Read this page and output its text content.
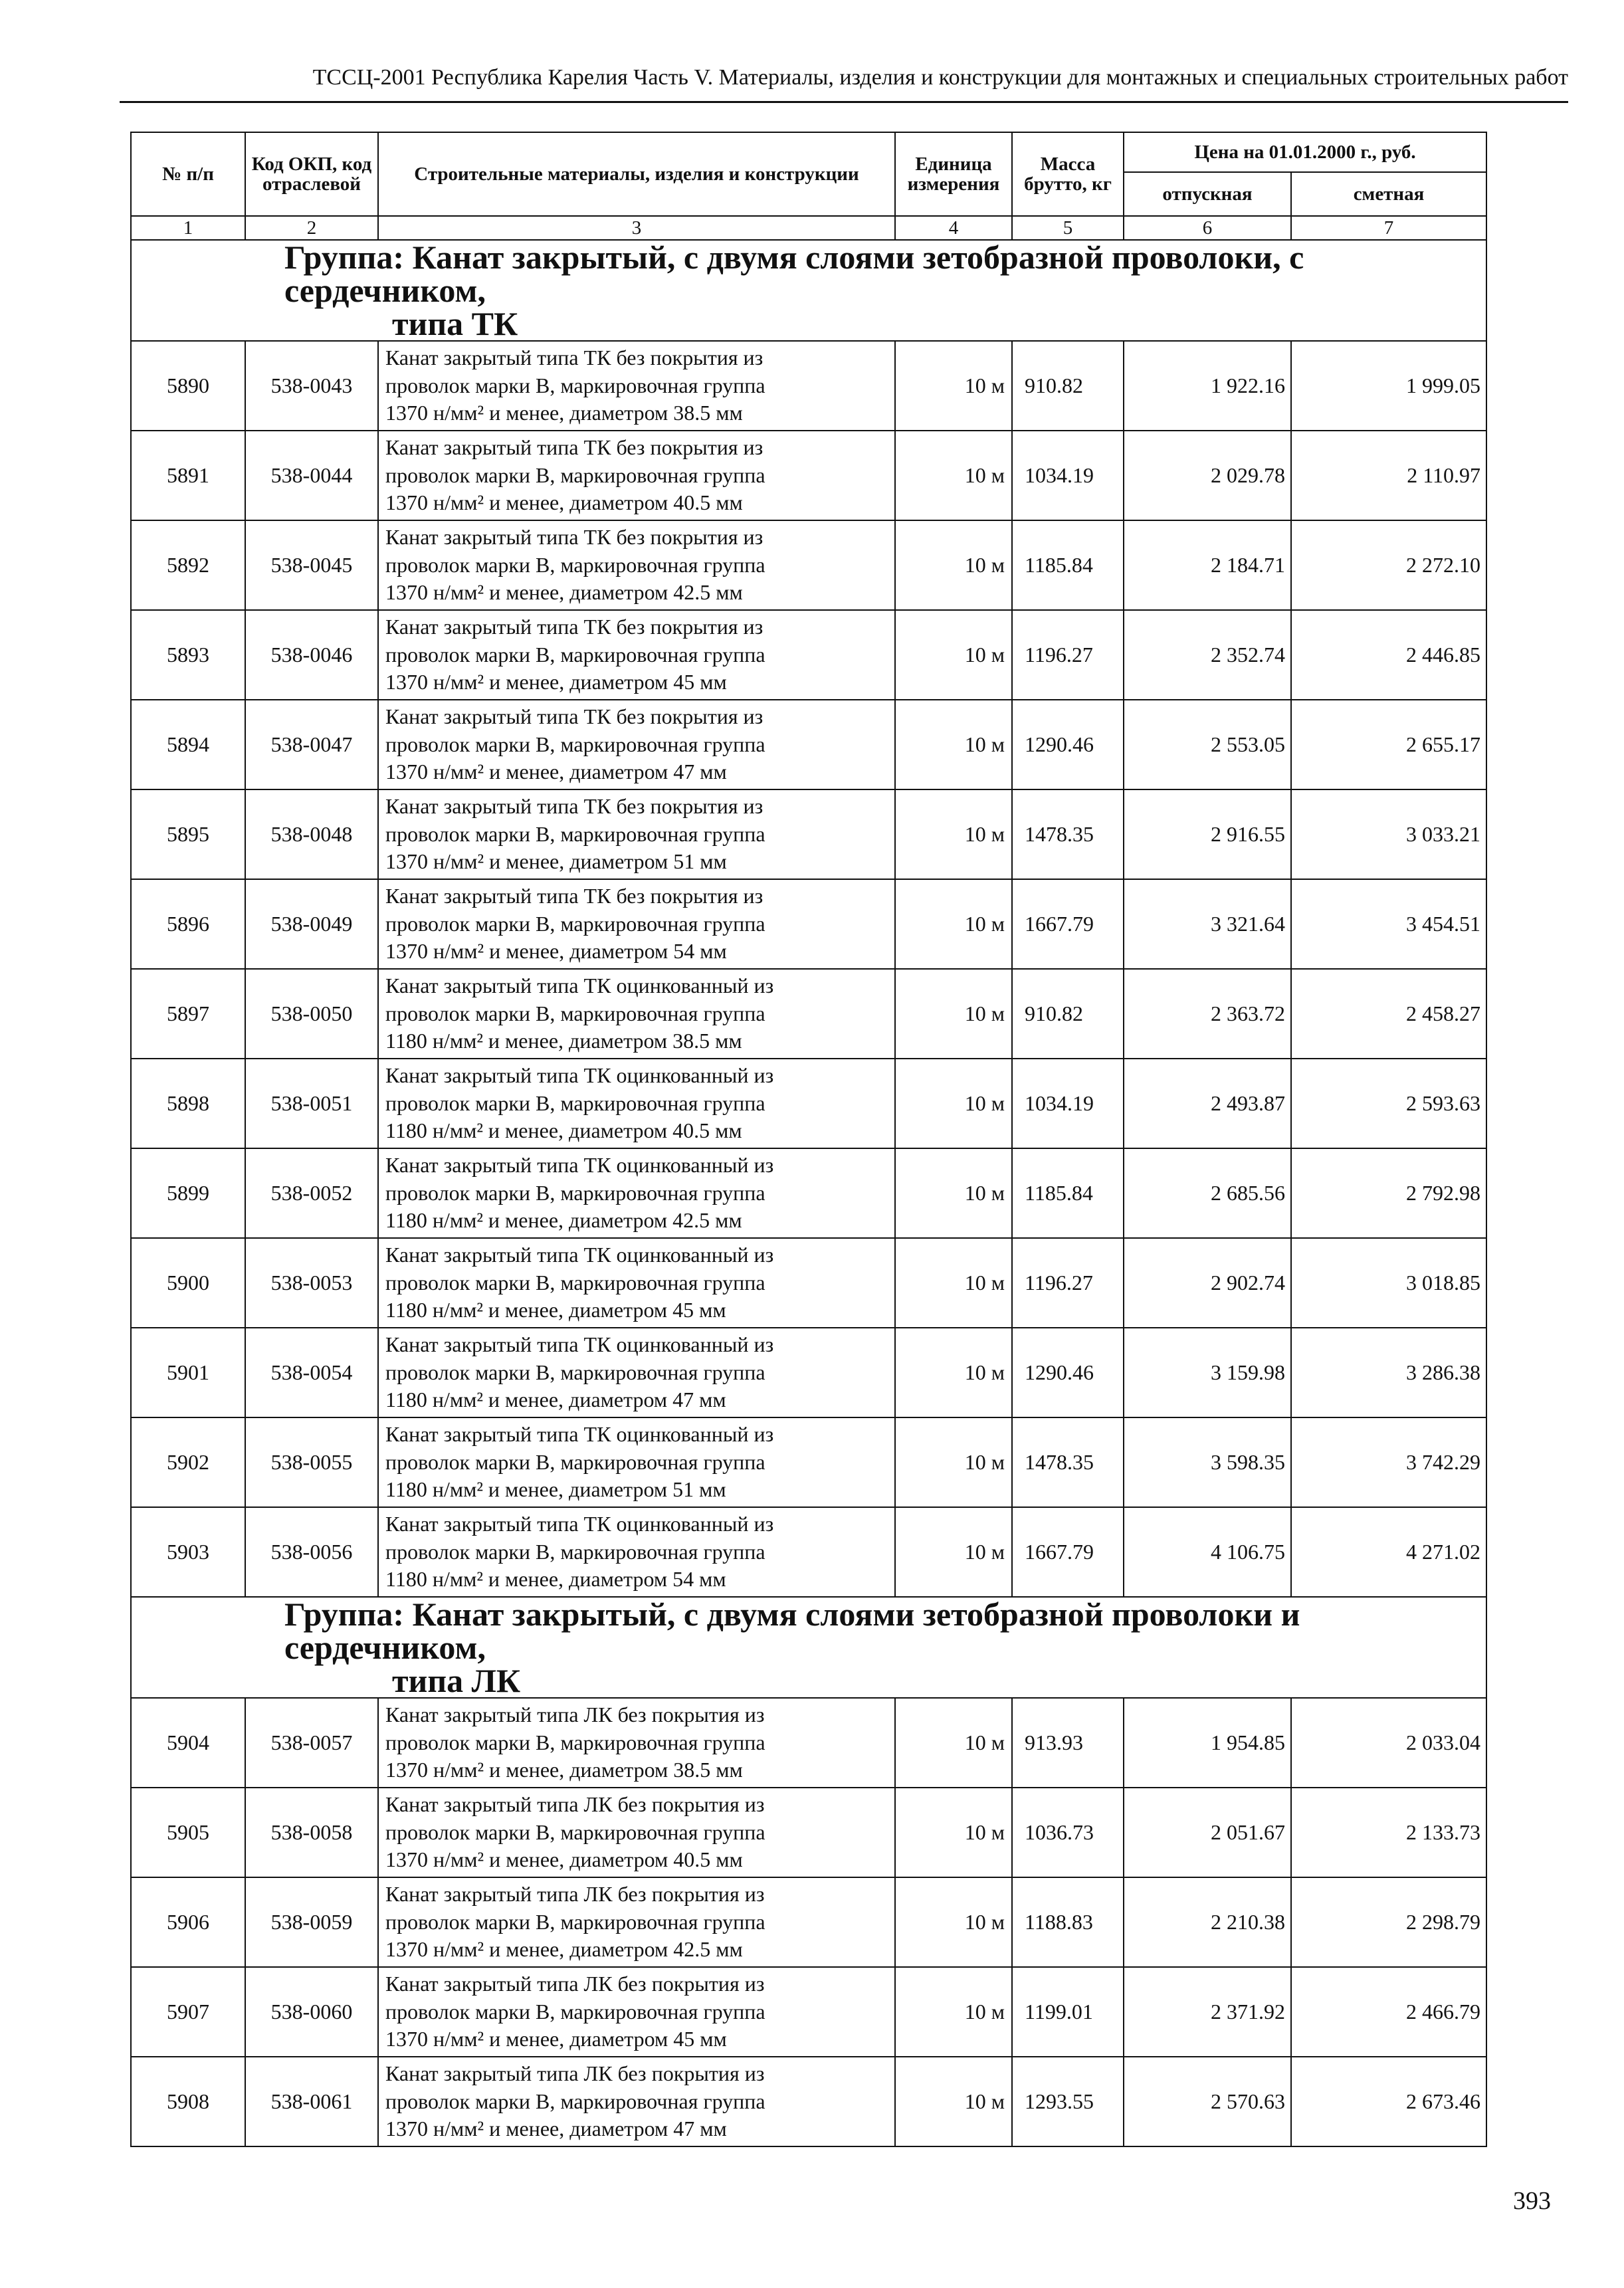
ТССЦ-2001 Республика Карелия Часть V. Материалы, изделия и конструкции для монтажных и специальных строительных работ
№ п/п	Код ОКП, код отраслевой	Строительные материалы, изделия и конструкции	Единица измерения	Масса брутто, кг	Цена на 01.01.2000 г., руб.	
					отпускная	сметная
1	2	3	4	5	6	7

Группа: Канат закрытый, с двумя слоями зетобразной проволоки, с сердечником,
типа ТК						

5890	538-0043	Канат закрытый типа ТК без покрытия из
проволок марки В, маркировочная группа
1370 н/мм² и менее, диаметром 38.5 мм	10 м	910.82	1 922.16	1 999.05
5891	538-0044	Канат закрытый типа ТК без покрытия из
проволок марки В, маркировочная группа
1370 н/мм² и менее, диаметром 40.5 мм	10 м	1034.19	2 029.78	2 110.97
5892	538-0045	Канат закрытый типа ТК без покрытия из
проволок марки В, маркировочная группа
1370 н/мм² и менее, диаметром 42.5 мм	10 м	1185.84	2 184.71	2 272.10
5893	538-0046	Канат закрытый типа ТК без покрытия из
проволок марки В, маркировочная группа
1370 н/мм² и менее, диаметром 45 мм	10 м	1196.27	2 352.74	2 446.85
5894	538-0047	Канат закрытый типа ТК без покрытия из
проволок марки В, маркировочная группа
1370 н/мм² и менее, диаметром 47 мм	10 м	1290.46	2 553.05	2 655.17
5895	538-0048	Канат закрытый типа ТК без покрытия из
проволок марки В, маркировочная группа
1370 н/мм² и менее, диаметром 51 мм	10 м	1478.35	2 916.55	3 033.21
5896	538-0049	Канат закрытый типа ТК без покрытия из
проволок марки В, маркировочная группа
1370 н/мм² и менее, диаметром 54 мм	10 м	1667.79	3 321.64	3 454.51
5897	538-0050	Канат закрытый типа ТК оцинкованный из
проволок марки В, маркировочная группа
1180 н/мм² и менее, диаметром 38.5 мм	10 м	910.82	2 363.72	2 458.27
5898	538-0051	Канат закрытый типа ТК оцинкованный из
проволок марки В, маркировочная группа
1180 н/мм² и менее, диаметром 40.5 мм	10 м	1034.19	2 493.87	2 593.63
5899	538-0052	Канат закрытый типа ТК оцинкованный из
проволок марки В, маркировочная группа
1180 н/мм² и менее, диаметром 42.5 мм	10 м	1185.84	2 685.56	2 792.98
5900	538-0053	Канат закрытый типа ТК оцинкованный из
проволок марки В, маркировочная группа
1180 н/мм² и менее, диаметром 45 мм	10 м	1196.27	2 902.74	3 018.85
5901	538-0054	Канат закрытый типа ТК оцинкованный из
проволок марки В, маркировочная группа
1180 н/мм² и менее, диаметром 47 мм	10 м	1290.46	3 159.98	3 286.38
5902	538-0055	Канат закрытый типа ТК оцинкованный из
проволок марки В, маркировочная группа
1180 н/мм² и менее, диаметром 51 мм	10 м	1478.35	3 598.35	3 742.29
5903	538-0056	Канат закрытый типа ТК оцинкованный из
проволок марки В, маркировочная группа
1180 н/мм² и менее, диаметром 54 мм	10 м	1667.79	4 106.75	4 271.02

Группа: Канат закрытый, с двумя слоями зетобразной проволоки и сердечником,
типа ЛК						

5904	538-0057	Канат закрытый типа ЛК без покрытия из
проволок марки В, маркировочная группа
1370 н/мм² и менее, диаметром 38.5 мм	10 м	913.93	1 954.85	2 033.04
5905	538-0058	Канат закрытый типа ЛК без покрытия из
проволок марки В, маркировочная группа
1370 н/мм² и менее, диаметром 40.5 мм	10 м	1036.73	2 051.67	2 133.73
5906	538-0059	Канат закрытый типа ЛК без покрытия из
проволок марки В, маркировочная группа
1370 н/мм² и менее, диаметром 42.5 мм	10 м	1188.83	2 210.38	2 298.79
5907	538-0060	Канат закрытый типа ЛК без покрытия из
проволок марки В, маркировочная группа
1370 н/мм² и менее, диаметром 45 мм	10 м	1199.01	2 371.92	2 466.79
5908	538-0061	Канат закрытый типа ЛК без покрытия из
проволок марки В, маркировочная группа
1370 н/мм² и менее, диаметром 47 мм	10 м	1293.55	2 570.63	2 673.46
393
